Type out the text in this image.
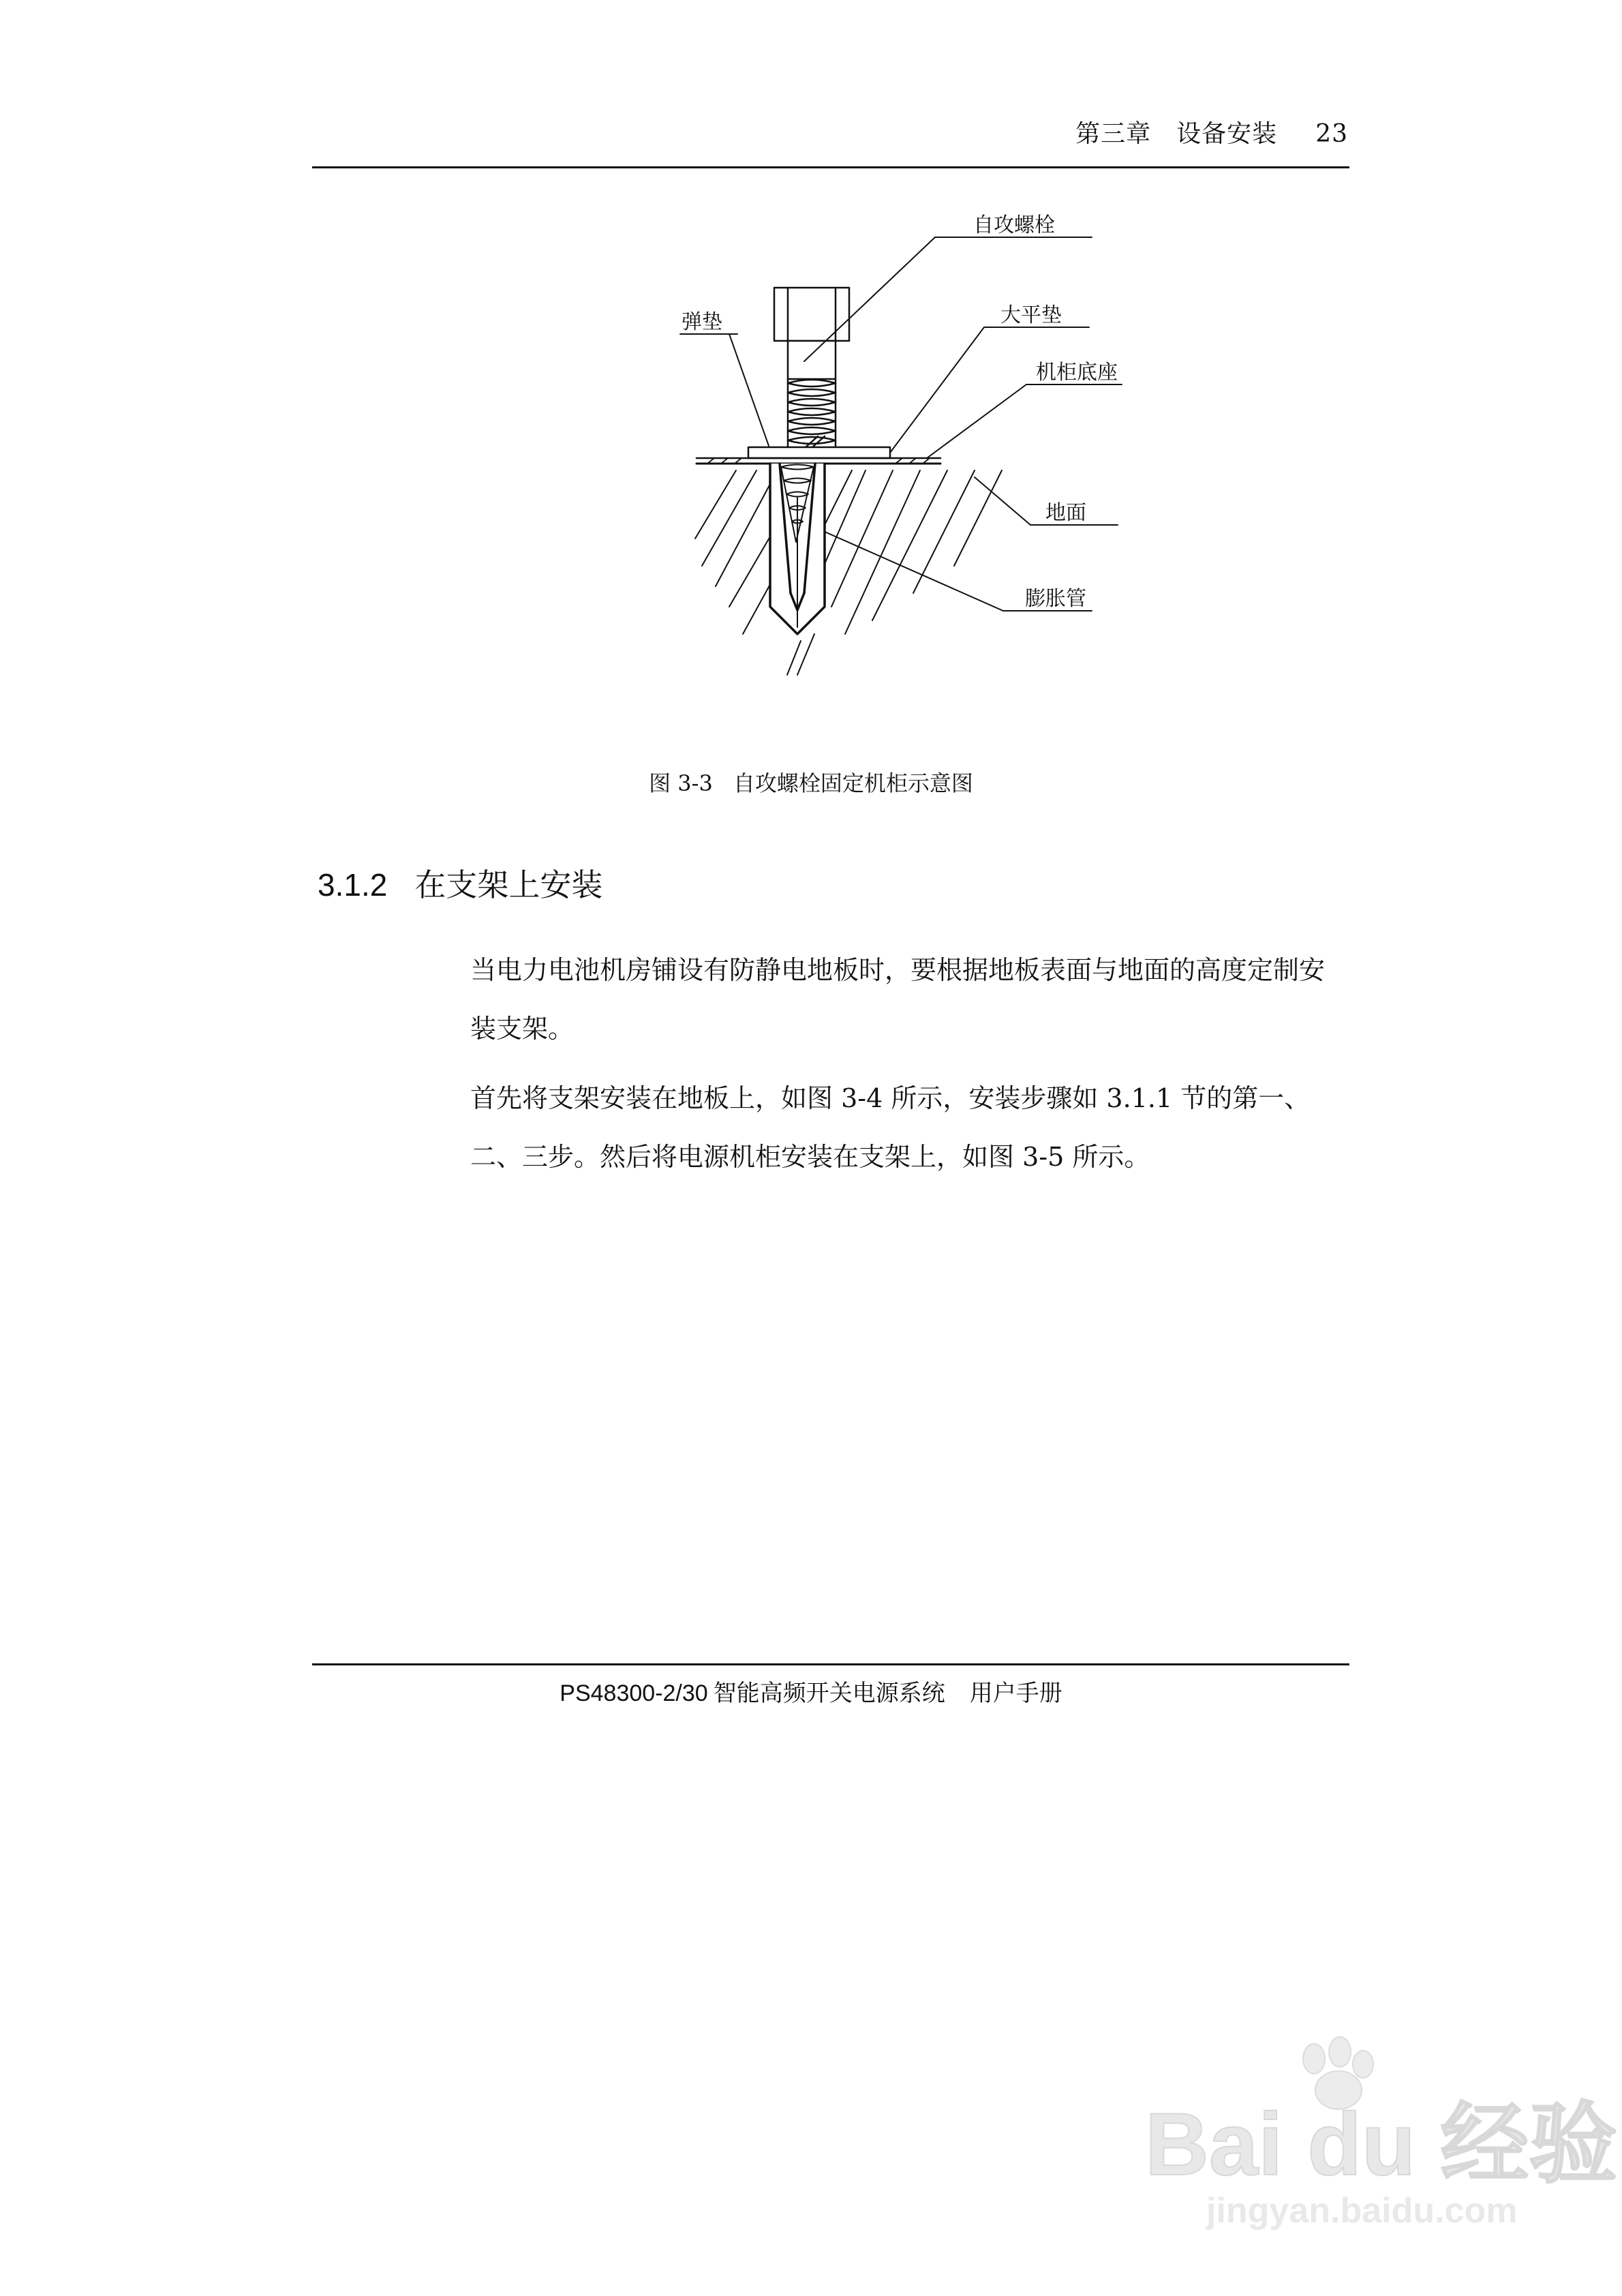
第三章　设备安装 23
自攻螺栓
弹垫	大平垫
机柜底座
地面
膨胀管
图 3-3 自攻螺栓固定机柜示意图
3.1.2 在支架上安装

当电力电池机房铺设有防静电地板时，要根据地板表面与地面的高度定制安装支架。

首先将支架安装在地板上，如图 3-4 所示，安装步骤如 3.1.1 节的第一、二、三步。然后将电源机柜安装在支架上，如图 3-5 所示。

PS48300-2/30 智能高频开关电源系统 用户手册
Bai du 经验
jingyan.baidu.com
